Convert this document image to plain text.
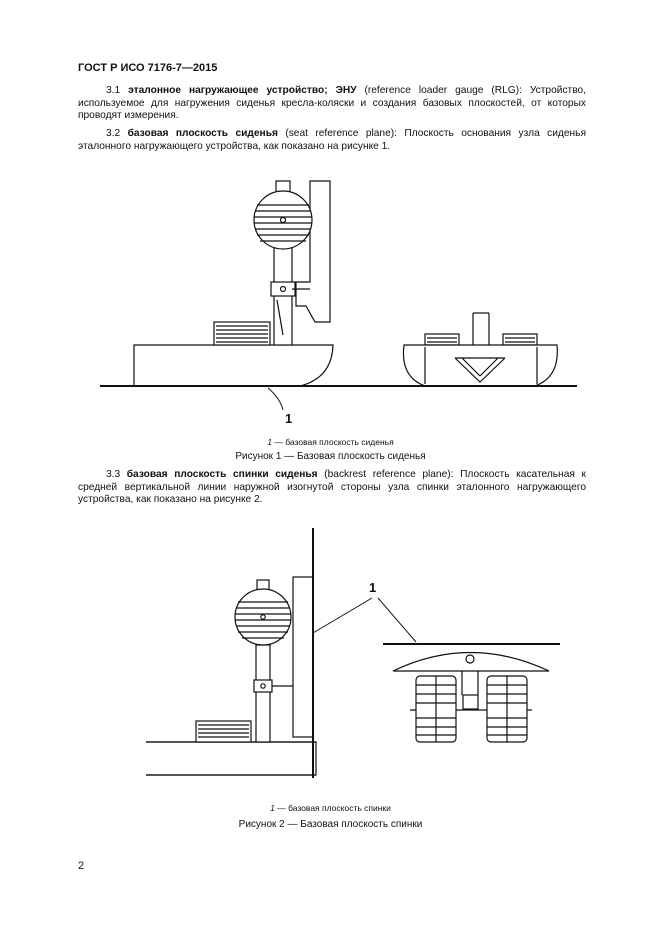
ГОСТ Р ИСО 7176-7—2015

3.1 эталонное нагружающее устройство; ЭНУ (reference loader gauge (RLG): Устройство, используемое для нагружения сиденья кресла-коляски и создания базовых плоскостей, от которых проводят измерения.

3.2 базовая плоскость сиденья (seat reference plane): Плоскость основания узла сиденья эталонного нагружающего устройства, как показано на рисунке 1.

1

1 — базовая плоскость сиденья

Рисунок 1 — Базовая плоскость сиденья

3.3 базовая плоскость спинки сиденья (backrest reference plane): Плоскость касательная к средней вертикальной линии наружной изогнутой стороны узла спинки эталонного нагружающего устройства, как показано на рисунке 2.

1

1 — базовая плоскость спинки

Рисунок 2 — Базовая плоскость спинки

2
